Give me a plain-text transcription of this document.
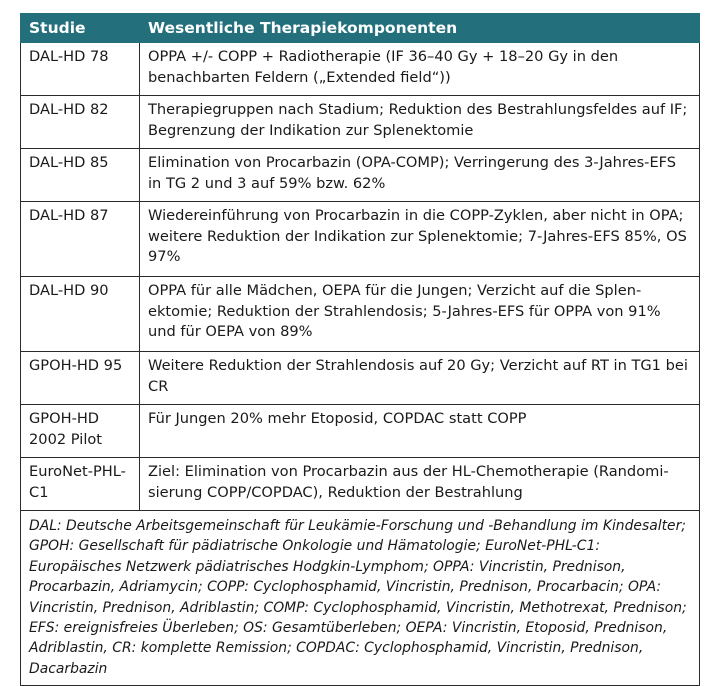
Studie	Wesentliche Therapiekomponenten
DAL-HD 78	OPPA +/- COPP + Radiotherapie (IF 36–40 Gy + 18–20 Gy in den benachbarten Feldern („Extended field“))
DAL-HD 82	Therapiegruppen nach Stadium; Reduktion des Bestrahlungsfeldes auf IF; Begrenzung der Indikation zur Splenektomie
DAL-HD 85	Elimination von Procarbazin (OPA-COMP); Verringerung des 3-Jahres-EFS in TG 2 und 3 auf 59% bzw. 62%
DAL-HD 87	Wiedereinführung von Procarbazin in die COPP-Zyklen, aber nicht in OPA; weitere Reduktion der Indikation zur Splenektomie; 7-Jahres-EFS 85%, OS 97%
DAL-HD 90	OPPA für alle Mädchen, OEPA für die Jungen; Verzicht auf die Splenektomie; Reduktion der Strahlendosis; 5-Jahres-EFS für OPPA von 91% und für OEPA von 89%
GPOH-HD 95	Weitere Reduktion der Strahlendosis auf 20 Gy; Verzicht auf RT in TG1 bei CR
GPOH-HD 2002 Pilot	Für Jungen 20% mehr Etoposid, COPDAC statt COPP
EuroNet-PHL-C1	Ziel: Elimination von Procarbazin aus der HL-Chemotherapie (Randomisierung COPP/COPDAC), Reduktion der Bestrahlung
DAL: Deutsche Arbeitsgemeinschaft für Leukämie-Forschung und -Behandlung im Kindesalter; GPOH: Gesellschaft für pädiatrische Onkologie und Hämatologie; EuroNet-PHL-C1: Europäisches Netzwerk pädiatrisches Hodgkin-Lymphom; OPPA: Vincristin, Prednison, Procarbazin, Adriamycin; COPP: Cyclophosphamid, Vincristin, Prednison, Procarbacin; OPA: Vincristin, Prednison, Adriblastin; COMP: Cyclophosphamid, Vincristin, Methotrexat, Prednison; EFS: ereignisfreies Überleben; OS: Gesamtüberleben; OEPA: Vincristin, Etoposid, Prednison, Adriblastin, CR: komplette Remission; COPDAC: Cyclophosphamid, Vincristin, Prednison, Dacarbazin	
